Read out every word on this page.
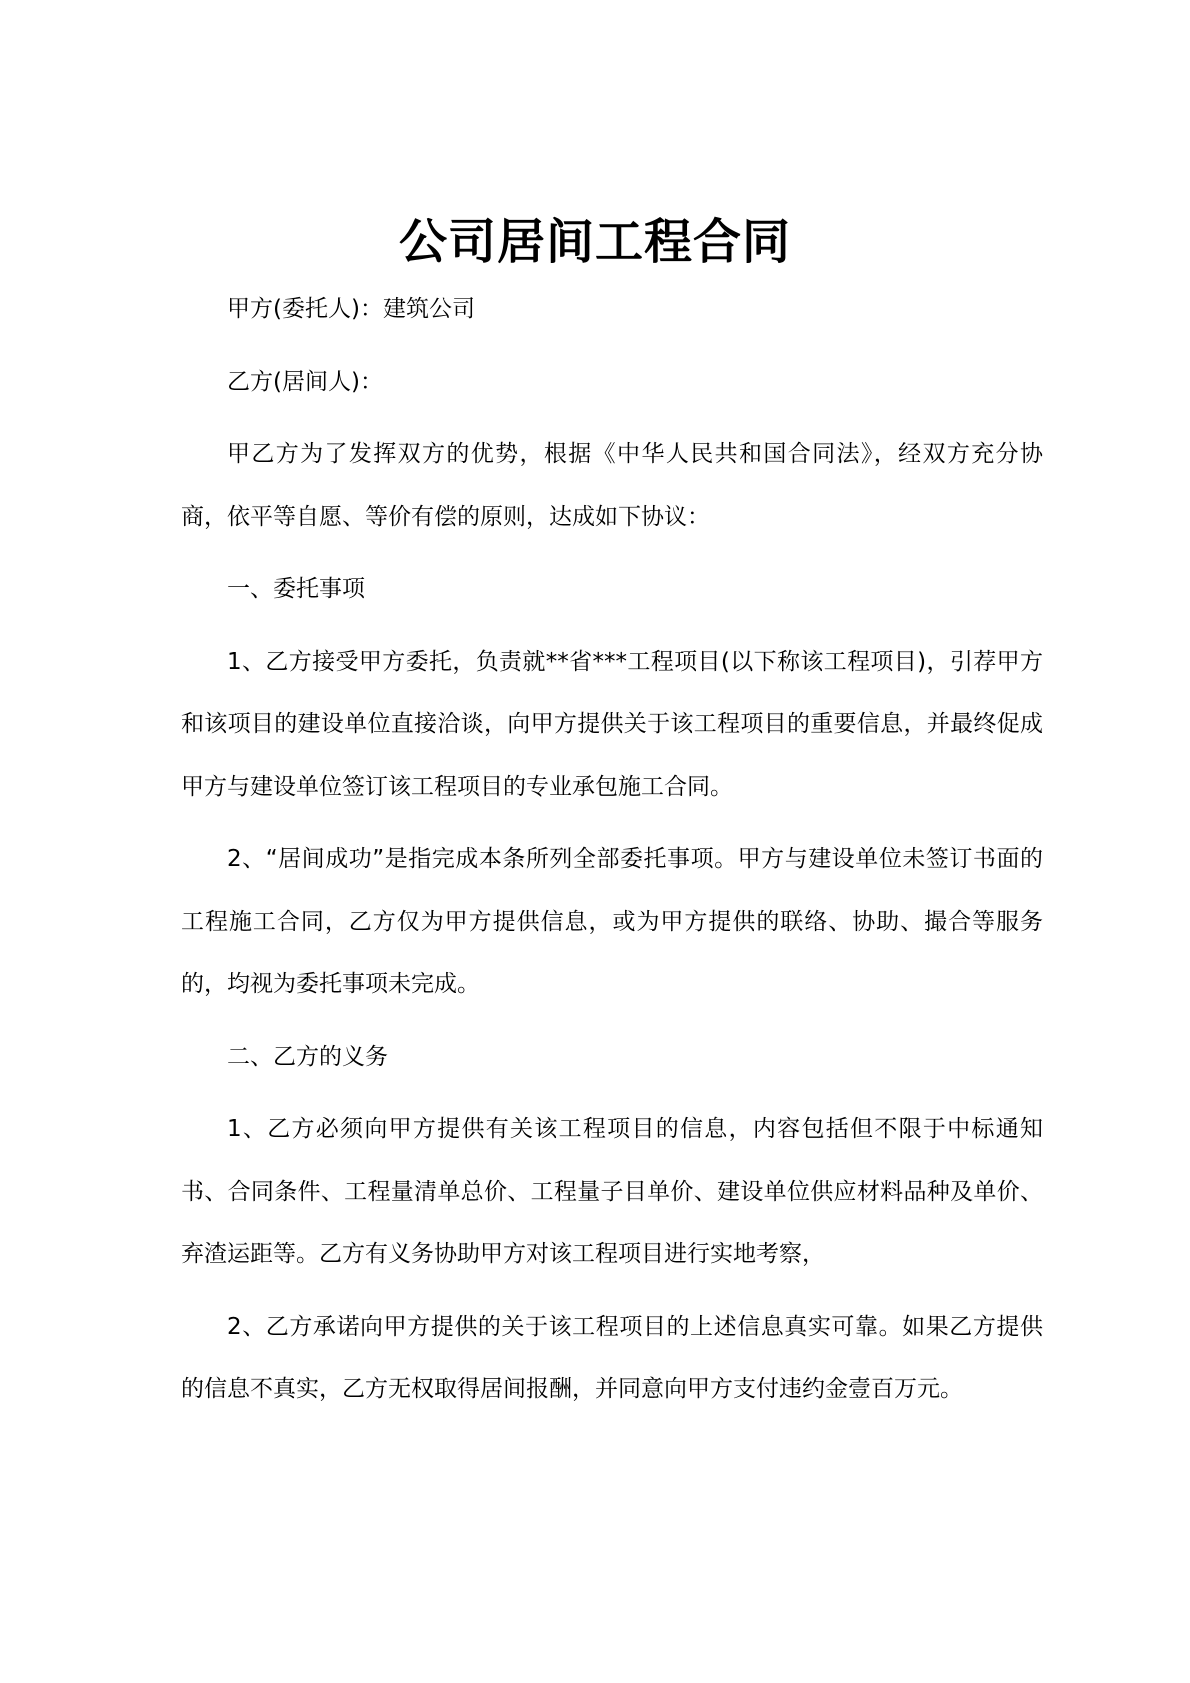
公司居间工程合同

甲方(委托人)：建筑公司

乙方(居间人)：

甲乙方为了发挥双方的优势，根据《中华人民共和国合同法》，经双方充分协商，依平等自愿、等价有偿的原则，达成如下协议：

一、委托事项

1、乙方接受甲方委托，负责就**省***工程项目(以下称该工程项目)，引荐甲方和该项目的建设单位直接洽谈，向甲方提供关于该工程项目的重要信息，并最终促成甲方与建设单位签订该工程项目的专业承包施工合同。

2、“居间成功”是指完成本条所列全部委托事项。甲方与建设单位未签订书面的工程施工合同，乙方仅为甲方提供信息，或为甲方提供的联络、协助、撮合等服务的，均视为委托事项未完成。

二、乙方的义务

1、乙方必须向甲方提供有关该工程项目的信息，内容包括但不限于中标通知书、合同条件、工程量清单总价、工程量子目单价、建设单位供应材料品种及单价、弃渣运距等。乙方有义务协助甲方对该工程项目进行实地考察，

2、乙方承诺向甲方提供的关于该工程项目的上述信息真实可靠。如果乙方提供的信息不真实，乙方无权取得居间报酬，并同意向甲方支付违约金壹百万元。
